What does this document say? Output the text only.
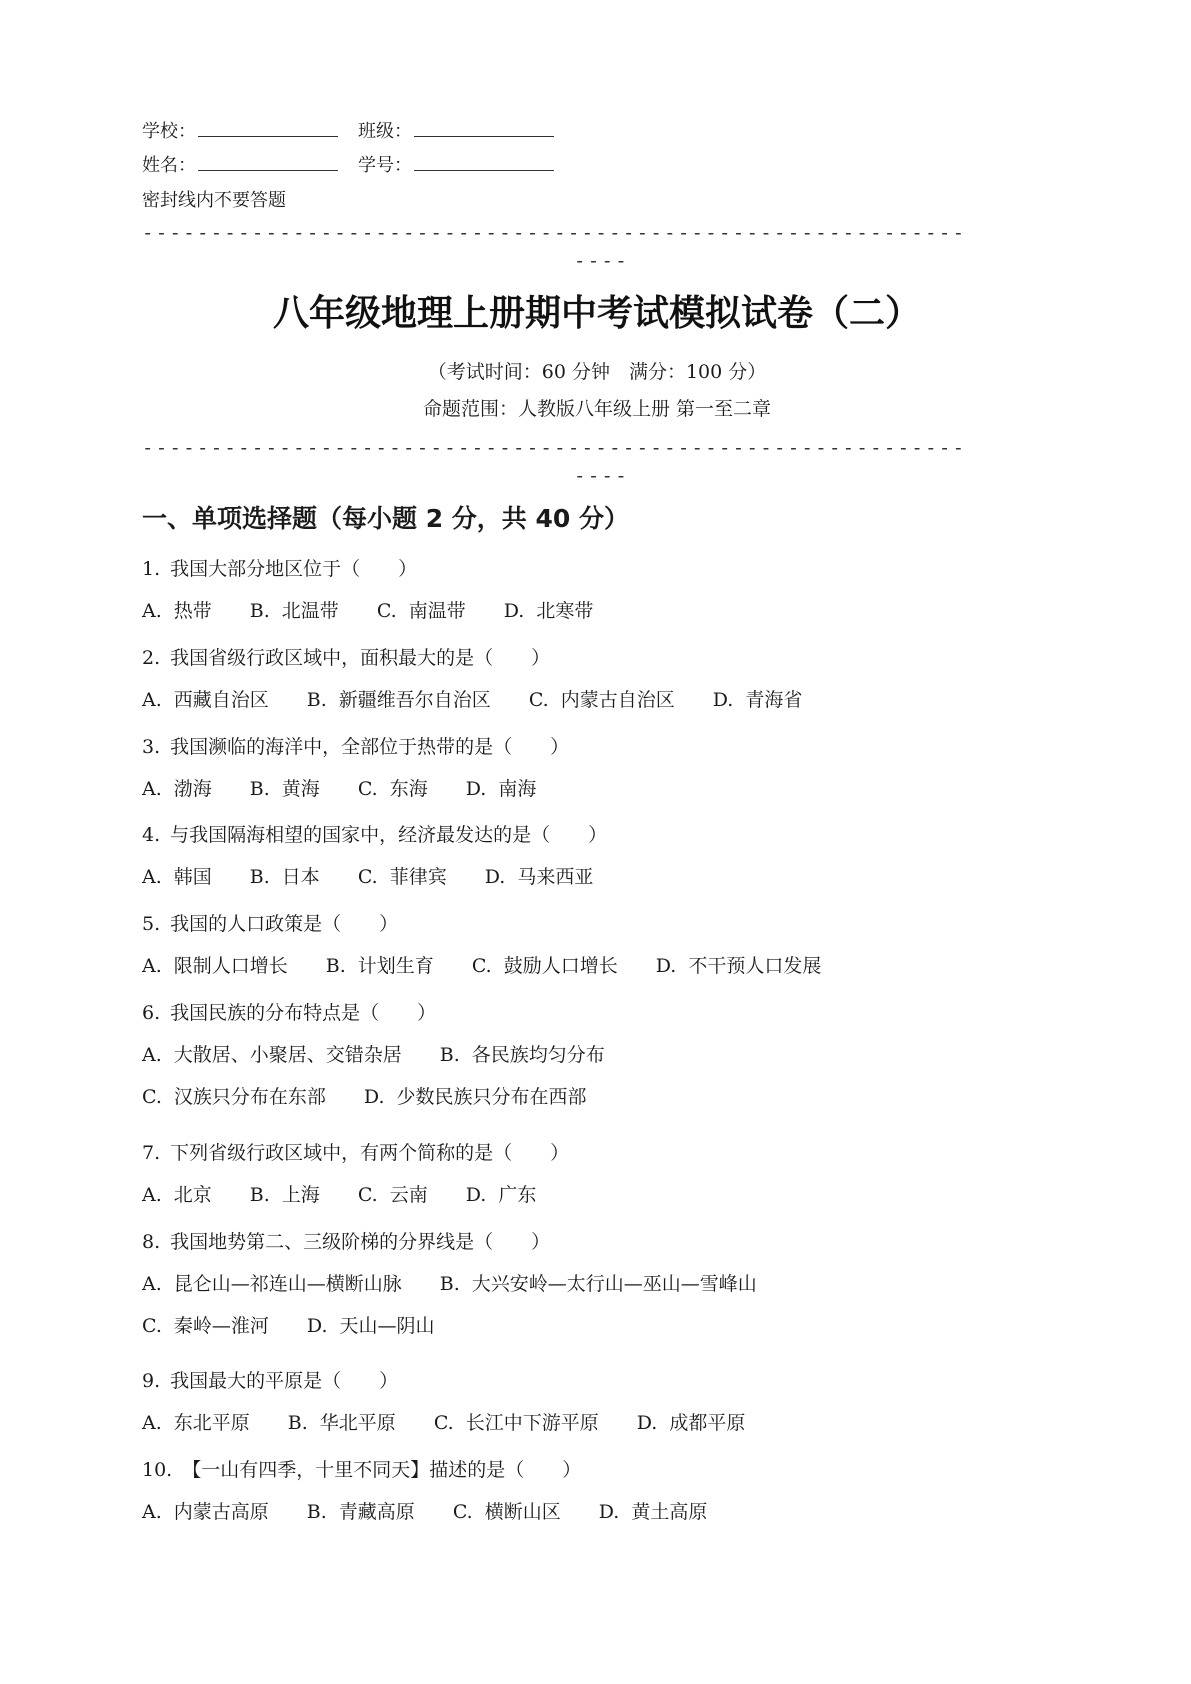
学校：	班级：
姓名：	学号：
密封线内不要答题
------------------------------------------------------------
----
八年级地理上册期中考试模拟试卷（二）
（考试时间：60 分钟　满分：100 分）
命题范围：人教版八年级上册 第一至二章
------------------------------------------------------------
----
一、单项选择题（每小题 2 分，共 40 分）
1. 我国大部分地区位于（　　）
A. 热带 B. 北温带 C. 南温带 D. 北寒带
2. 我国省级行政区域中，面积最大的是（　　）
A. 西藏自治区 B. 新疆维吾尔自治区 C. 内蒙古自治区 D. 青海省
3. 我国濒临的海洋中，全部位于热带的是（　　）
A. 渤海 B. 黄海 C. 东海 D. 南海
4. 与我国隔海相望的国家中，经济最发达的是（　　）
A. 韩国 B. 日本 C. 菲律宾 D. 马来西亚
5. 我国的人口政策是（　　）
A. 限制人口增长 B. 计划生育 C. 鼓励人口增长 D. 不干预人口发展
6. 我国民族的分布特点是（　　）
A. 大散居、小聚居、交错杂居 B. 各民族均匀分布
C. 汉族只分布在东部 D. 少数民族只分布在西部
7. 下列省级行政区域中，有两个简称的是（　　）
A. 北京 B. 上海 C. 云南 D. 广东
8. 我国地势第二、三级阶梯的分界线是（　　）
A. 昆仑山—祁连山—横断山脉 B. 大兴安岭—太行山—巫山—雪峰山
C. 秦岭—淮河 D. 天山—阴山
9. 我国最大的平原是（　　）
A. 东北平原 B. 华北平原 C. 长江中下游平原 D. 成都平原
10. 【一山有四季，十里不同天】描述的是（　　）
A. 内蒙古高原 B. 青藏高原 C. 横断山区 D. 黄土高原
